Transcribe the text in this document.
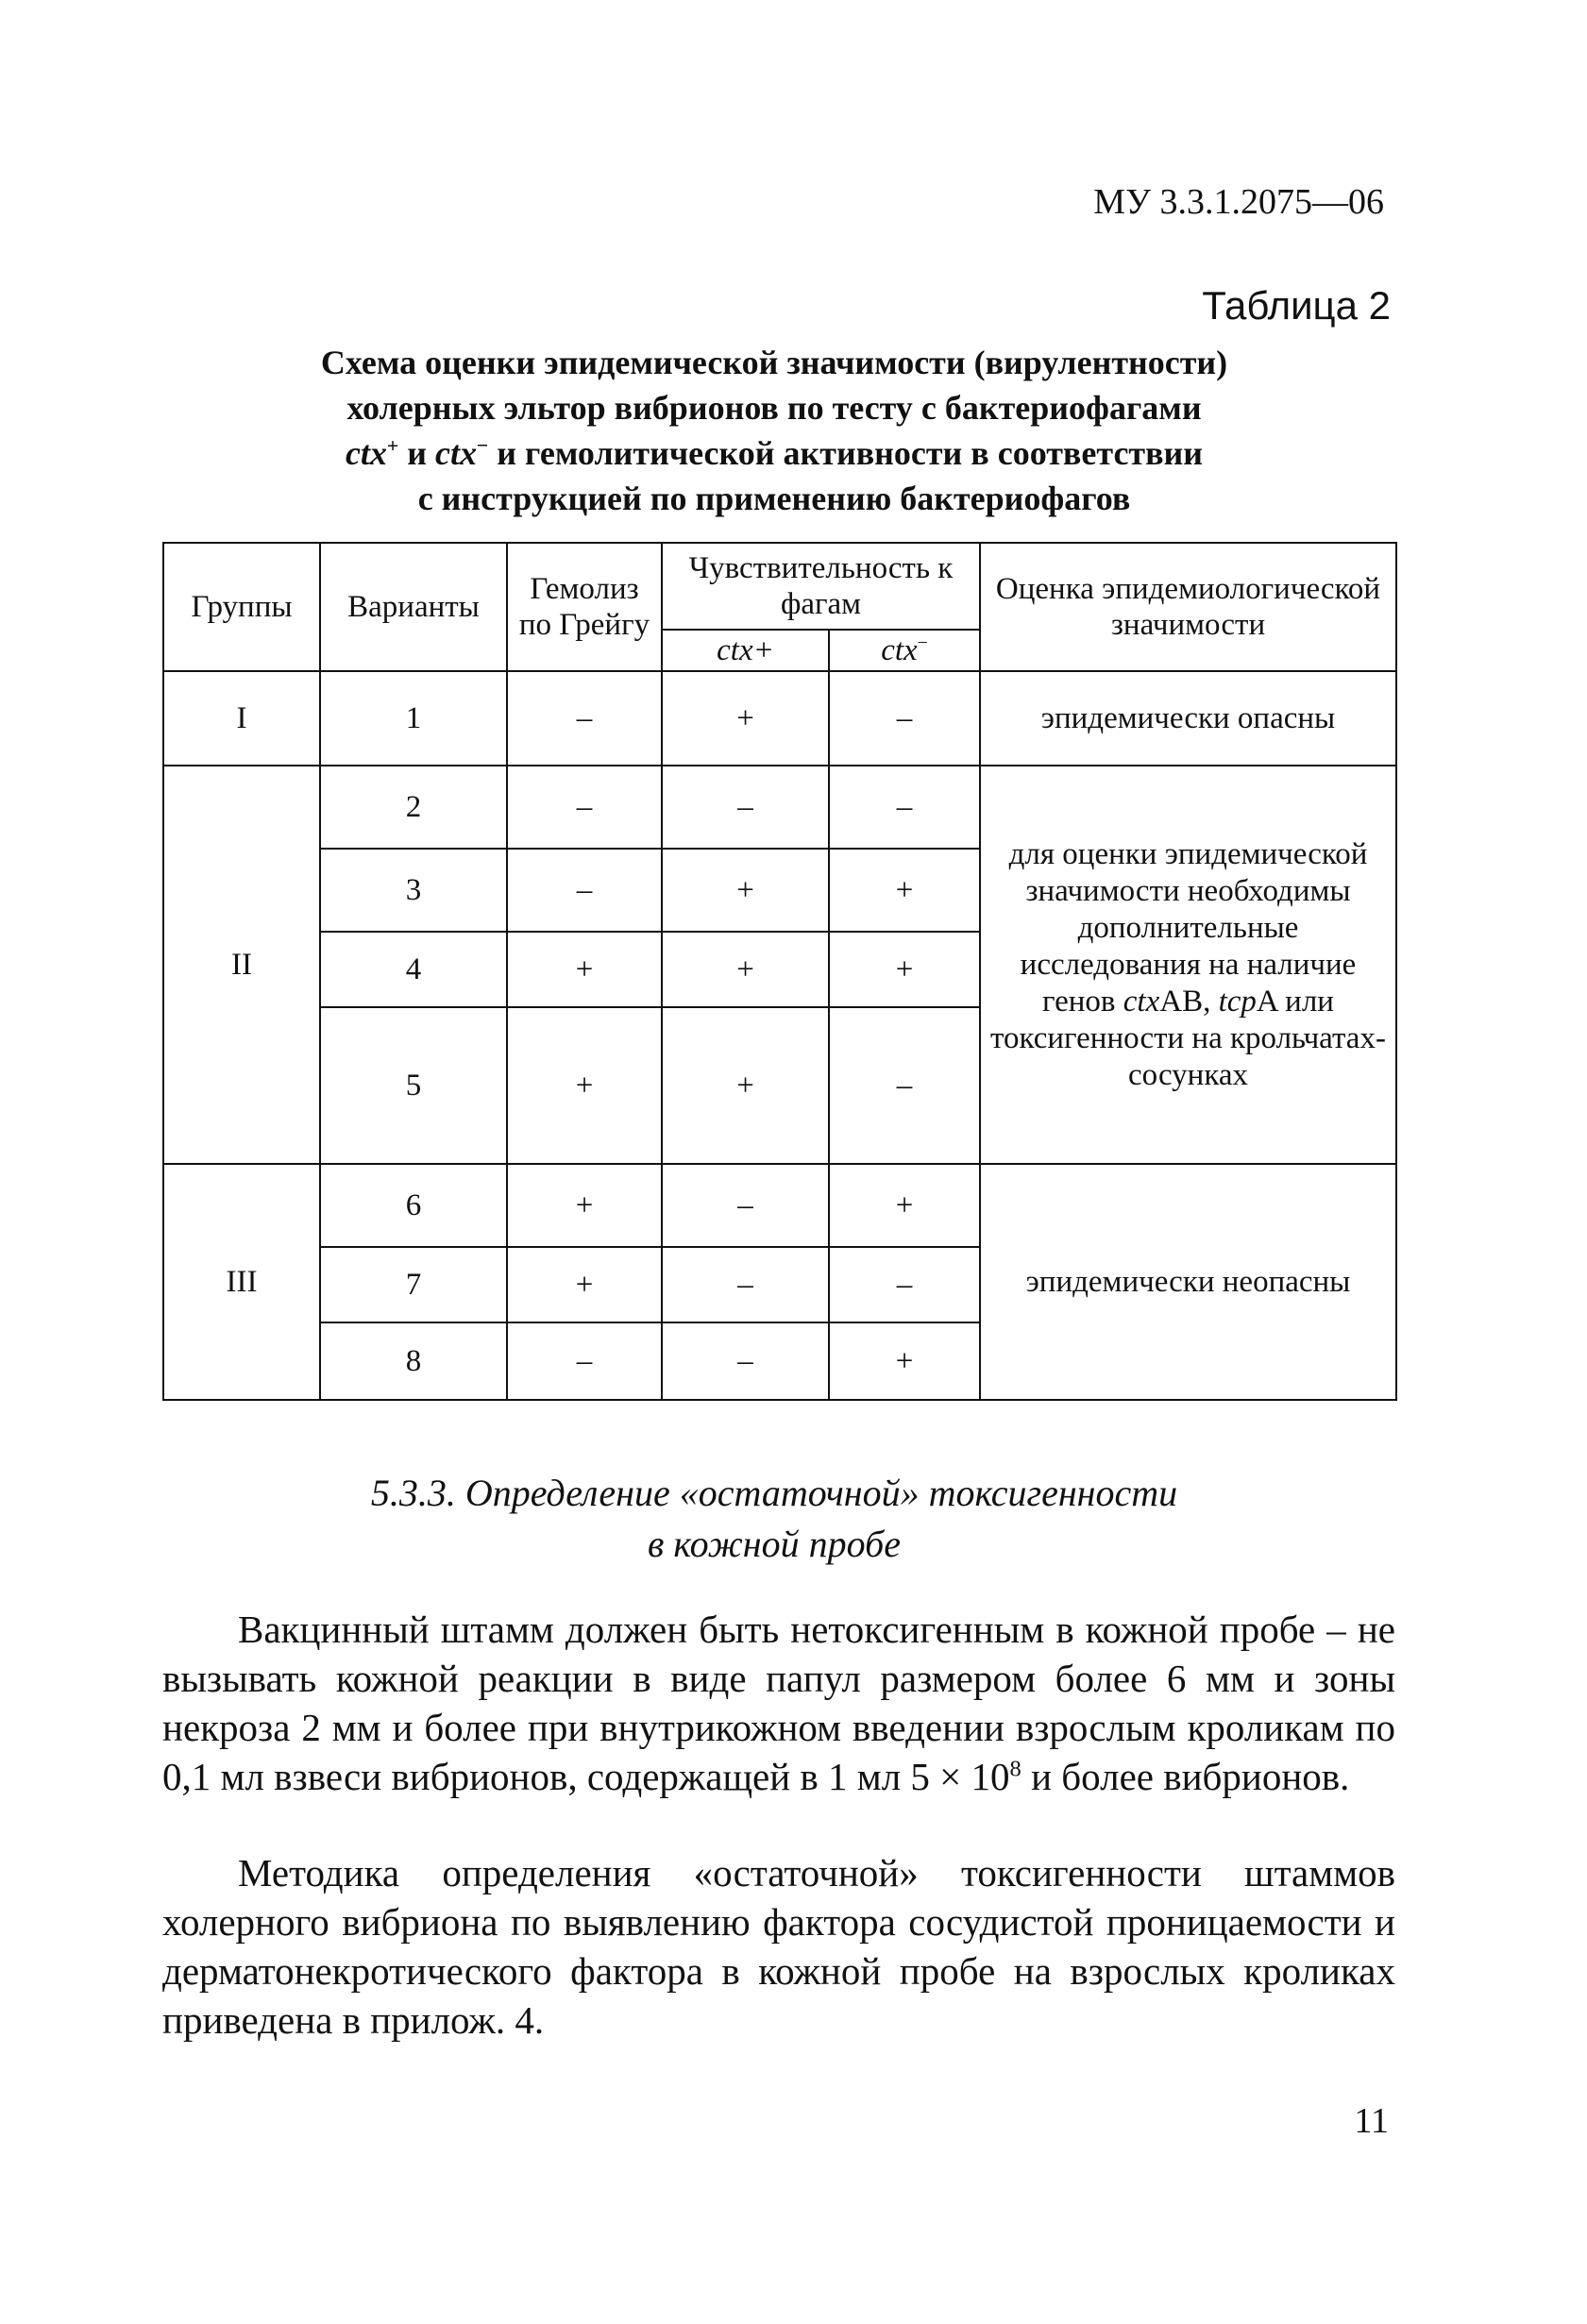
МУ 3.3.1.2075—06
Таблица 2
Схема оценки эпидемической значимости (вирулентности)
холерных эльтор вибрионов по тесту с бактериофагами
ctx+ и ctx− и гемолитической активности в соответствии
с инструкцией по применению бактериофагов
Группы	Варианты	Гемолиз по Грейгу	Чувствительность к фагам		Оценка эпидемиологической значимости
			ctx+	ctx−
I	1	–	+	–	эпидемически опасны
II	2	–	–	–	для оценки эпидемической значимости необходимы дополнительные исследования на наличие генов ctxAB, tcpA или токсигенности на крольчатах-сосунках
	3	–	+	+	
	4	+	+	+	
	5	+	+	–	
III	6	+	–	+	эпидемически неопасны
	7	+	–	–	
	8	–	–	+	
5.3.3. Определение «остаточной» токсигенности
в кожной пробе

Вакцинный штамм должен быть нетоксигенным в кожной пробе – не вызывать кожной реакции в виде папул размером более 6 мм и зоны некроза 2 мм и более при внутрикожном введении взрослым кроликам по 0,1 мл взвеси вибрионов, содержащей в 1 мл $5 \times 10^8$ и более вибрионов.

Методика определения «остаточной» токсигенности штаммов холерного вибриона по выявлению фактора сосудистой проницаемости и дерматонекротического фактора в кожной пробе на взрослых кроликах приведена в прилож. 4.

11
